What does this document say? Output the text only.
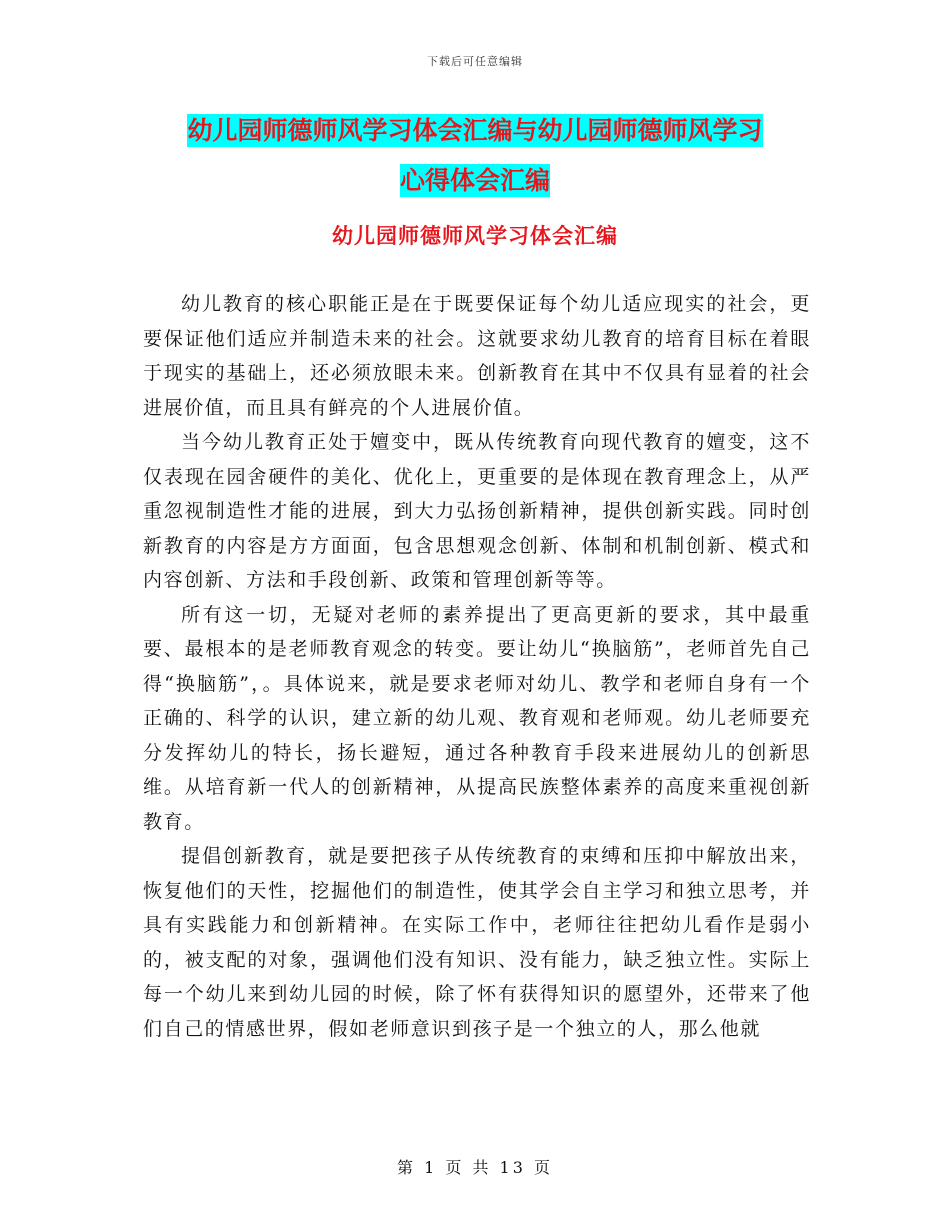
下载后可任意编辑
幼儿园师德师风学习体会汇编与幼儿园师德师风学习
心得体会汇编
幼儿园师德师风学习体会汇编

幼儿教育的核心职能正是在于既要保证每个幼儿适应现实的社会，更要保证他们适应并制造未来的社会。这就要求幼儿教育的培育目标在着眼于现实的基础上，还必须放眼未来。创新教育在其中不仅具有显着的社会进展价值，而且具有鲜亮的个人进展价值。

当今幼儿教育正处于嬗变中，既从传统教育向现代教育的嬗变，这不仅表现在园舍硬件的美化、优化上，更重要的是体现在教育理念上，从严重忽视制造性才能的进展，到大力弘扬创新精神，提供创新实践。同时创新教育的内容是方方面面，包含思想观念创新、体制和机制创新、模式和内容创新、方法和手段创新、政策和管理创新等等。

所有这一切，无疑对老师的素养提出了更高更新的要求，其中最重要、最根本的是老师教育观念的转变。要让幼儿“换脑筋”，老师首先自己得“换脑筋”，。具体说来，就是要求老师对幼儿、教学和老师自身有一个正确的、科学的认识，建立新的幼儿观、教育观和老师观。幼儿老师要充分发挥幼儿的特长，扬长避短，通过各种教育手段来进展幼儿的创新思维。从培育新一代人的创新精神，从提高民族整体素养的高度来重视创新教育。

提倡创新教育，就是要把孩子从传统教育的束缚和压抑中解放出来，恢复他们的天性，挖掘他们的制造性，使其学会自主学习和独立思考，并具有实践能力和创新精神。在实际工作中，老师往往把幼儿看作是弱小的，被支配的对象，强调他们没有知识、没有能力，缺乏独立性。实际上每一个幼儿来到幼儿园的时候，除了怀有获得知识的愿望外，还带来了他们自己的情感世界，假如老师意识到孩子是一个独立的人，那么他就

第 1 页 共 13 页
